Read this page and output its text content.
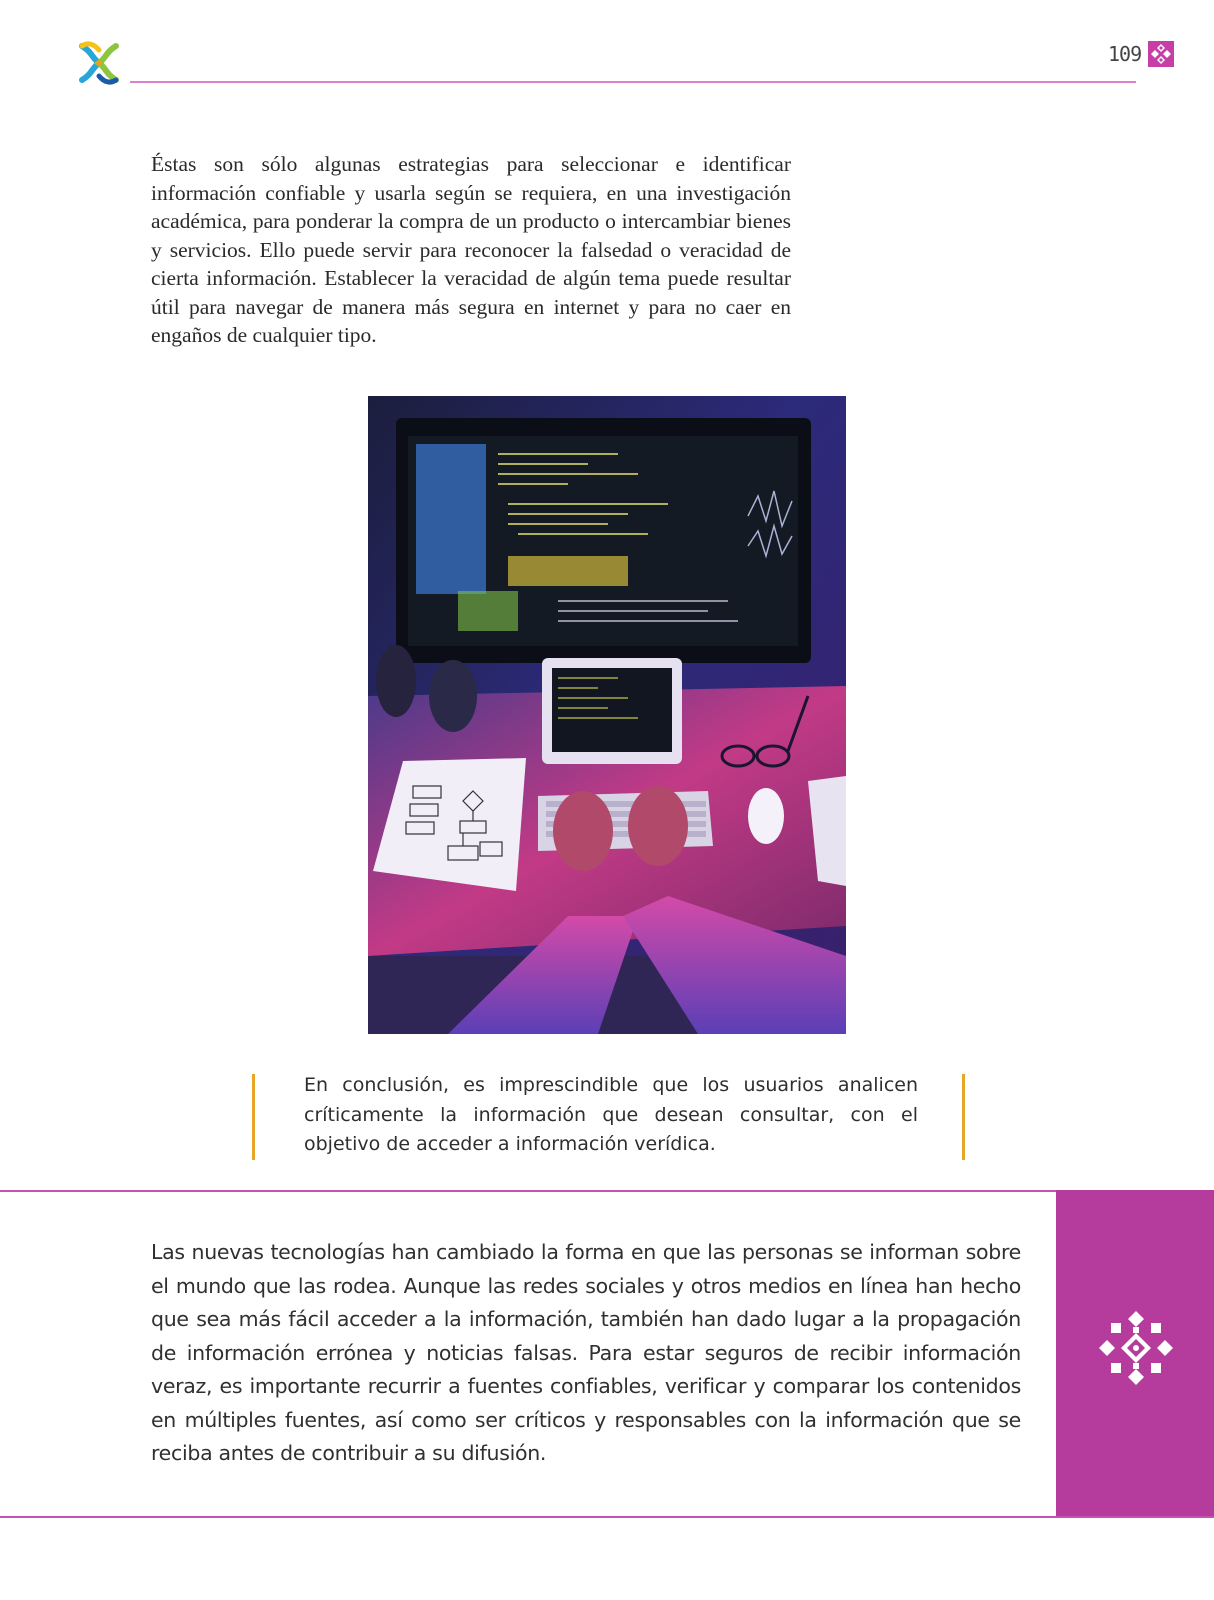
109

Éstas son sólo algunas estrategias para seleccionar e identificar información confiable y usarla según se requiera, en una investigación académica, para ponderar la compra de un producto o intercambiar bienes y servicios. Ello puede servir para reconocer la falsedad o veracidad de cierta información. Establecer la veracidad de algún tema puede resultar útil para navegar de manera más segura en internet y para no caer en engaños de cualquier tipo.

En conclusión, es imprescindible que los usuarios analicen críticamente la información que desean consultar, con el objetivo de acceder a información verídica.

Las nuevas tecnologías han cambiado la forma en que las personas se informan sobre el mundo que las rodea. Aunque las redes sociales y otros medios en línea han hecho que sea más fácil acceder a la información, también han dado lugar a la propagación de información errónea y noticias falsas. Para estar seguros de recibir información veraz, es importante recurrir a fuentes confiables, verificar y comparar los contenidos en múltiples fuentes, así como ser críticos y responsables con la información que se reciba antes de contribuir a su difusión.
